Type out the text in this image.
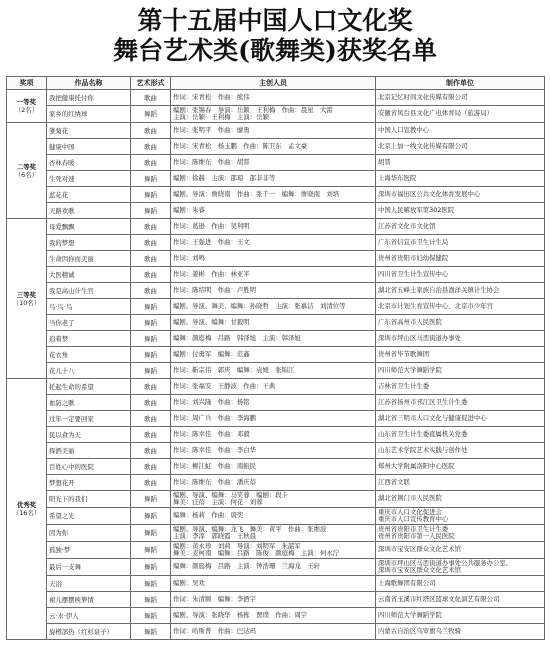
第十五届中国人口文化奖
舞台艺术类(歌舞类)获奖名单
奖项	作品名称	艺术形式	主创人员	制作单位
一等奖
（2名）	我把健康托付你	歌曲	作词：宋青松　作曲：熊伟	北京记忆时间文化传媒有限公司

	家乡的红绣球	舞蹈	编剧：张锡春　导演：岳颖　王利梅　作曲：晨星　大雷
主演：岳颖　王利梅　主演：岳颖	安徽省风台县文化广电体育局（旅游局）

二等奖
（6名）	雏菊花	歌曲	作词：张明平　作曲：廖勇	中国人口宣教中心

	健康中国	歌曲	作词：宋青松　杨玉鹏　作曲：陈卫东　孟文豪	北京上加一线文化传媒有限公司

	杏林春暖	歌曲	作词：陈维东　作曲：胡晋	胡晋

	生死对速	舞蹈	编剧：徐赫　主演：邵琼　邵非非等	上海华东医院

	蓝花花	舞蹈	编剧、导演：詹晓南　作曲：张千一　编舞：詹晓南　刘培	深圳市福田区公共文化体育发展中心

	天路欢歌	舞蹈	编剧：朱睿	中国人民解放军第302医院

三等奖
（10名）	母爱飘飘	歌曲	作词：葛逊　作曲：吴利明	江苏省文化市文化馆

	我的梦想	歌曲	作词：王强进　作曲：王文	广东省信宜市卫生计生局

	生命因你而美丽	歌曲	作词：刘鸣	贵州省贵阳市妇幼保健院

	大医精诚	歌曲	作词：姜彬　作曲：林亚平	四川省卫生计生宣传中心

	我是高山计生官	歌曲	作词：陈绍明　作曲：卢胜明	湖北省五峰土家族自治县渔洋关镇计生协会

	鸟·鸟·鸟	舞蹈	编剧、导演、舞美、编舞：孙晓哲　主演：张慕洁　刘清位等	北京市计划生育宣传中心、北京市少年宫

	当你老了	舞蹈	编剧、导演、编舞：甘毅明	广东省高州市人民医院

	追着梦	舞蹈	编舞：颜庭梅　吕路　韩泽旭　主演：韩泽旭	深圳市坪山区马峦街道办事处

	花衣角	舞蹈	编剧：付勇军　编舞：范鑫	贵州省毕节歌舞团

	花儿十八	舞蹈	作词：靳宗伟　郭庆　编舞：袁媛　张锦江	四川师范大学舞蹈学院

优秀奖
（16名）	托起生命的希望	歌曲	作词：张福安　王静波　作曲：王典	吉林省卫生计生委

	血防之歌	歌曲	作词：刘兴隆　作曲：杨铭	江苏省扬州市邗江区卫生计生委

	过年一定要回家	歌曲	作词：周广兵　作曲：李海鹏	湖北省三明市人口文化与健康促进中心

	民以食为天	歌曲	作词：陈幸佳　作曲：邓毅	山东省卫生计生委直属机关党委

	挥洒美丽	歌曲	作词：陈幸佳　作曲：李白华	山东艺术学院艺术实践与创作处

	百姓心中的医院	歌曲	作词：柳江虹　作曲：南振民	郑州大学附属洛阳中心医院

	梦想花开	歌曲	作词：陈维东　作曲：潘庆蓓	江西省文联

	阳光下的我们	舞蹈	编剧、导演、编舞：马笑蓉　编剧：段卡
舞美：汪蓓　主演：何花　刘蓉	湖北省荆门市人民医院

	希望之光	舞蹈	编舞：杨莉　作曲：唐奕	重庆市人口文化促进会
重庆市人口宣传教育中心

	因为你	舞蹈	编剧、导演、编舞：龙飞　舞美：黄平　作曲：张维波
主演：李淳　郭晓霞　王秋晨	贵州省贵阳市卫生计生委
贵州省贵阳市第一人民医院

	孤独·梦	舞蹈	编剧：黄永珍　刘莉　导演：刘明军　朱韶军
舞美：麦柯南　编舞：吕路　陈俊　颜庭梅　主演：何永泞	深圳市宝安区群众文化艺术馆

	最后一支舞	舞蹈	编舞：颜庭梅　吕路　主演：钟浩珊　兰海龙　王轩	深圳市坪山区马峦街道办事处公共服务办公室、
深圳市宝安区群众文化艺术馆

	天浴	舞蹈	编剧：吴欢	上海歌舞团有限公司

	裙儿摆摆秧箩情	舞蹈	作词：朱清顺　编舞：李酒宇	云南省玉溪市红塔区篮球文化演艺有限公司

	云·水·伊人	舞蹈	编剧、导演：张晓华　杨栋　贾璞　作曲：周宇	四川师范大学舞蹈学院

	旋樽部热（红杉泉子）	舞蹈	作词：哈斯普　作曲：巴达玛	内蒙古自治区乌审旗乌兰牧骑
